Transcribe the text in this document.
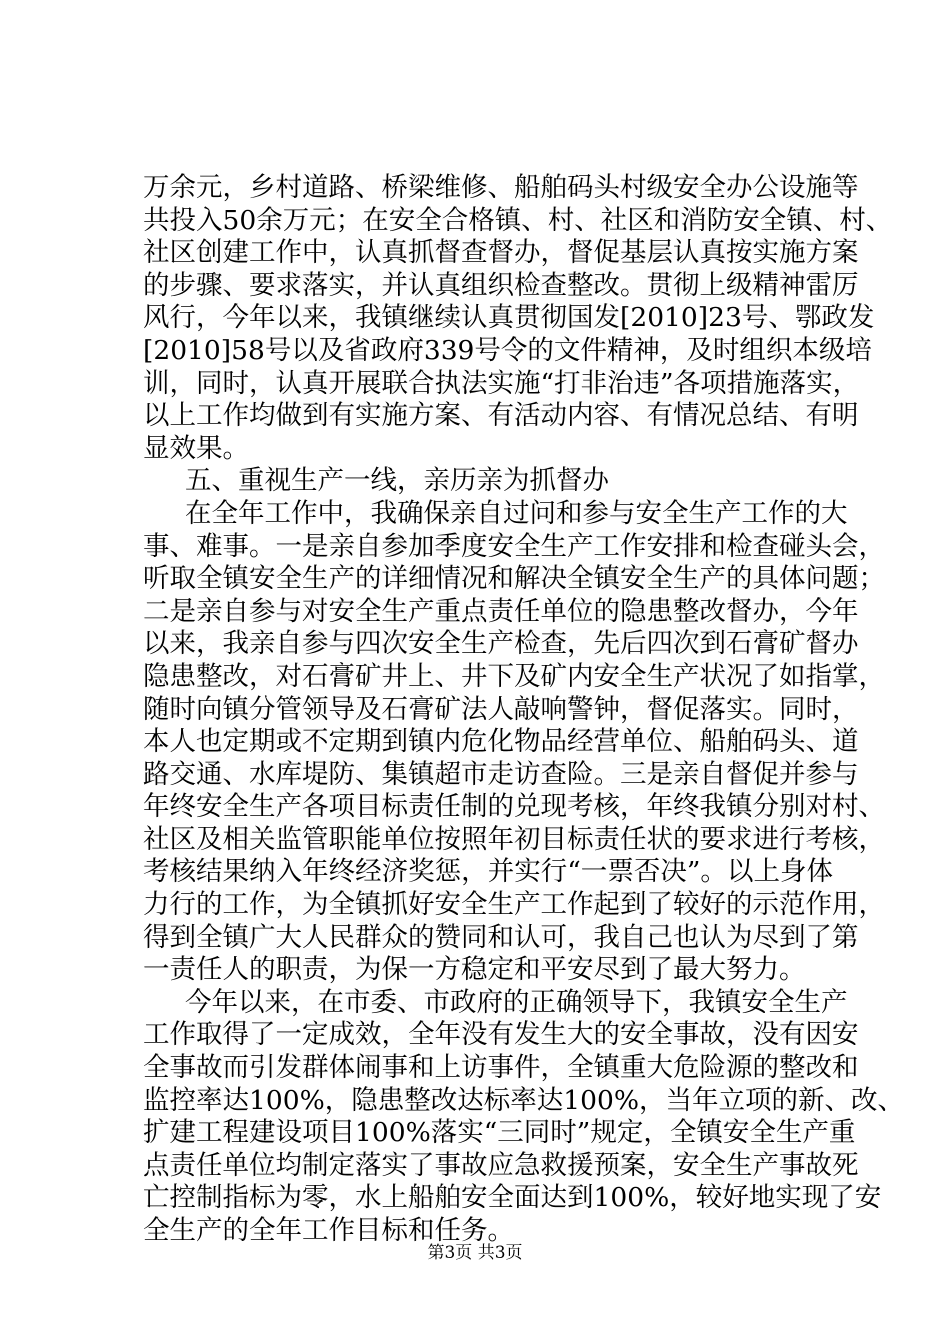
万余元，乡村道路、桥梁维修、船舶码头村级安全办公设施等
共投入50余万元；在安全合格镇、村、社区和消防安全镇、村、
社区创建工作中，认真抓督查督办，督促基层认真按实施方案
的步骤、要求落实，并认真组织检查整改。贯彻上级精神雷厉
风行，今年以来，我镇继续认真贯彻国发[2010]23号、鄂政发
[2010]58号以及省政府339号令的文件精神，及时组织本级培
训，同时，认真开展联合执法实施“打非治违”各项措施落实，
以上工作均做到有实施方案、有活动内容、有情况总结、有明
显效果。
五、重视生产一线，亲历亲为抓督办
在全年工作中，我确保亲自过问和参与安全生产工作的大
事、难事。一是亲自参加季度安全生产工作安排和检查碰头会，
听取全镇安全生产的详细情况和解决全镇安全生产的具体问题；
二是亲自参与对安全生产重点责任单位的隐患整改督办，今年
以来，我亲自参与四次安全生产检查，先后四次到石膏矿督办
隐患整改，对石膏矿井上、井下及矿内安全生产状况了如指掌，
随时向镇分管领导及石膏矿法人敲响警钟，督促落实。同时，
本人也定期或不定期到镇内危化物品经营单位、船舶码头、道
路交通、水库堤防、集镇超市走访查险。三是亲自督促并参与
年终安全生产各项目标责任制的兑现考核，年终我镇分别对村、
社区及相关监管职能单位按照年初目标责任状的要求进行考核，
考核结果纳入年终经济奖惩，并实行“一票否决”。以上身体
力行的工作，为全镇抓好安全生产工作起到了较好的示范作用，
得到全镇广大人民群众的赞同和认可，我自己也认为尽到了第
一责任人的职责，为保一方稳定和平安尽到了最大努力。
今年以来，在市委、市政府的正确领导下，我镇安全生产
工作取得了一定成效，全年没有发生大的安全事故，没有因安
全事故而引发群体闹事和上访事件，全镇重大危险源的整改和
监控率达100%，隐患整改达标率达100%，当年立项的新、改、
扩建工程建设项目100%落实“三同时”规定，全镇安全生产重
点责任单位均制定落实了事故应急救援预案，安全生产事故死
亡控制指标为零，水上船舶安全面达到100%，较好地实现了安
全生产的全年工作目标和任务。
第3页 共3页
